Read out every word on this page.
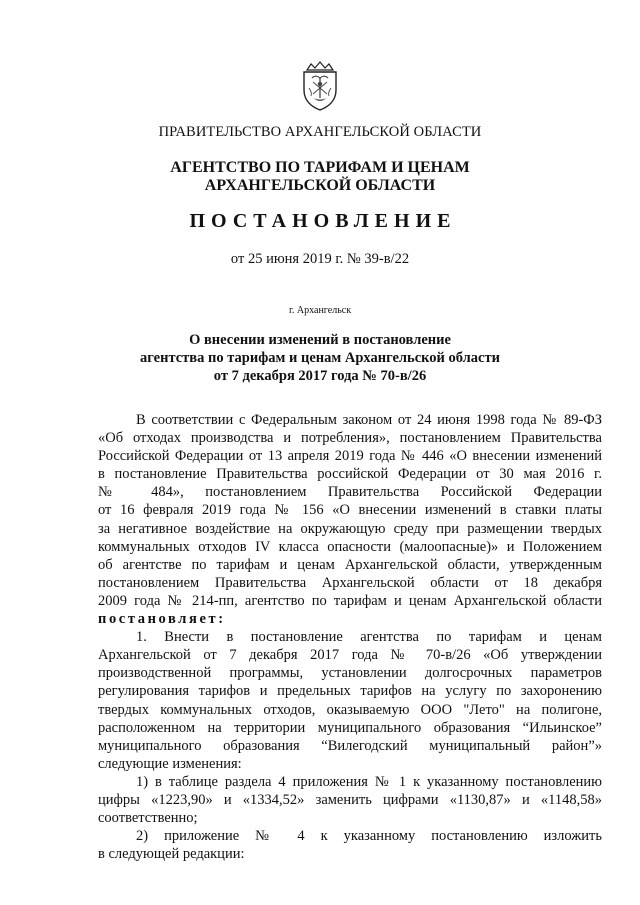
ПРАВИТЕЛЬСТВО АРХАНГЕЛЬСКОЙ ОБЛАСТИ
АГЕНТСТВО ПО ТАРИФАМ И ЦЕНАМ
АРХАНГЕЛЬСКОЙ ОБЛАСТИ
ПОСТАНОВЛЕНИЕ
от 25 июня 2019 г. № 39-в/22
г. Архангельск
О внесении изменений в постановление
агентства по тарифам и ценам Архангельской области
от 7 декабря 2017 года № 70-в/26
В соответствии с Федеральным законом от 24 июня 1998 года № 89-ФЗ
«Об отходах производства и потребления», постановлением Правительства
Российской Федерации от 13 апреля 2019 года № 446 «О внесении изменений
в постановление Правительства российской Федерации от 30 мая 2016 г.
№ 484», постановлением Правительства Российской Федерации
от 16 февраля 2019 года № 156 «О внесении изменений в ставки платы
за негативное воздействие на окружающую среду при размещении твердых
коммунальных отходов IV класса опасности (малоопасные)» и Положением
об агентстве по тарифам и ценам Архангельской области, утвержденным
постановлением Правительства Архангельской области от 18 декабря
2009 года № 214-пп, агентство по тарифам и ценам Архангельской области
постановляет:
1. Внести в постановление агентства по тарифам и ценам
Архангельской от 7 декабря 2017 года № 70-в/26 «Об утверждении
производственной программы, установлении долгосрочных параметров
регулирования тарифов и предельных тарифов на услугу по захоронению
твердых коммунальных отходов, оказываемую ООО "Лето" на полигоне,
расположенном на территории муниципального образования “Ильинское”
муниципального образования “Вилегодский муниципальный район”»
следующие изменения:
1) в таблице раздела 4 приложения № 1 к указанному постановлению
цифры «1223,90» и «1334,52» заменить цифрами «1130,87» и «1148,58»
соответственно;
2) приложение № 4 к указанному постановлению изложить
в следующей редакции:
